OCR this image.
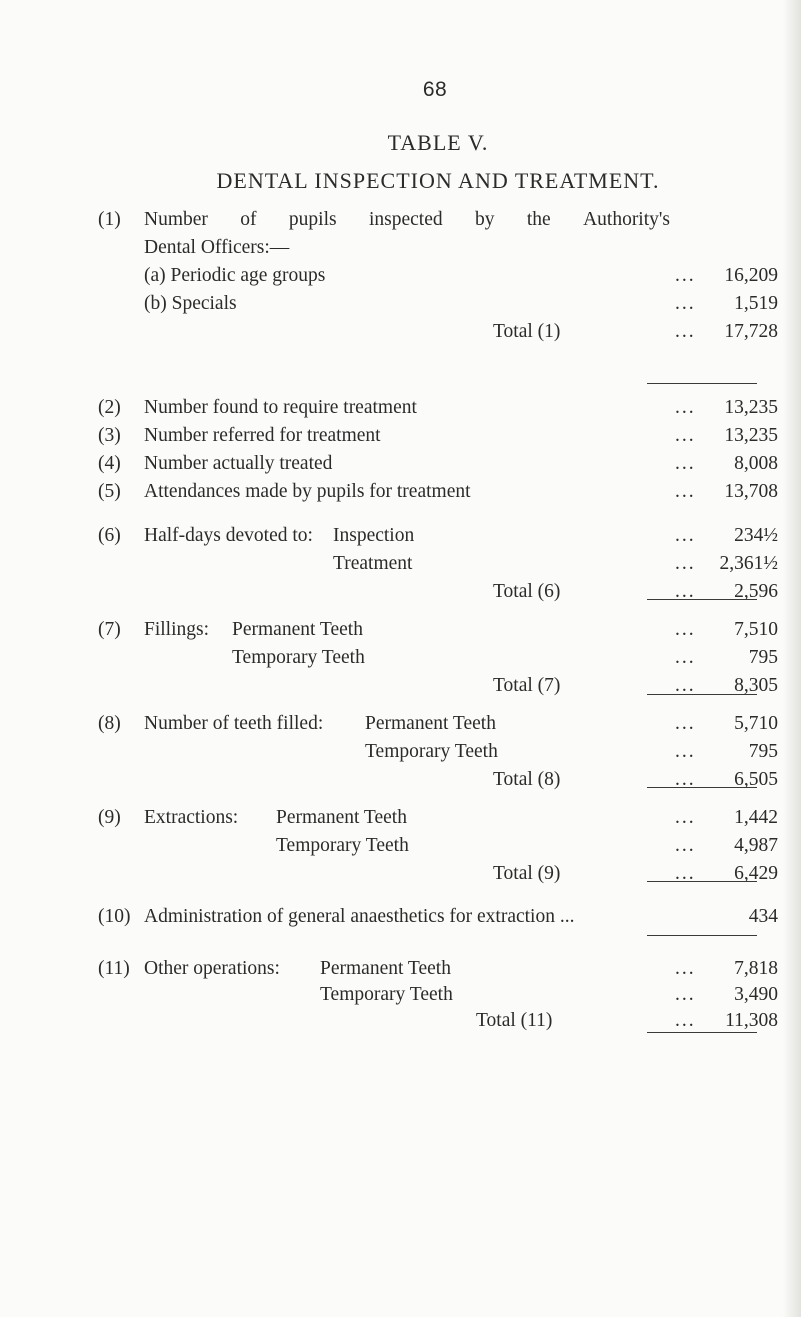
68
TABLE V.
DENTAL INSPECTION AND TREATMENT.
(1) Number of pupils inspected by the Authority's
Dental Officers:—
(a) Periodic age groups	...	16,209
(b) Specials	...	1,519
Total (1)	...	17,728
(2) Number found to require treatment	...	13,235
(3) Number referred for treatment	...	13,235
(4) Number actually treated	...	8,008
(5) Attendances made by pupils for treatment	...	13,708
(6) Half-days devoted to: Inspection	...	234½
Treatment	...	2,361½
Total (6)	...	2,596
(7) Fillings: Permanent Teeth	...	7,510
Temporary Teeth	...	795
Total (7)	...	8,305
(8) Number of teeth filled: Permanent Teeth	...	5,710
Temporary Teeth	...	795
Total (8)	...	6,505
(9) Extractions: Permanent Teeth	...	1,442
Temporary Teeth	...	4,987
Total (9)	...	6,429
(10) Administration of general anaesthetics for extraction ...	434
(11) Other operations: Permanent Teeth	...	7,818
Temporary Teeth	...	3,490
Total (11)	...	11,308
